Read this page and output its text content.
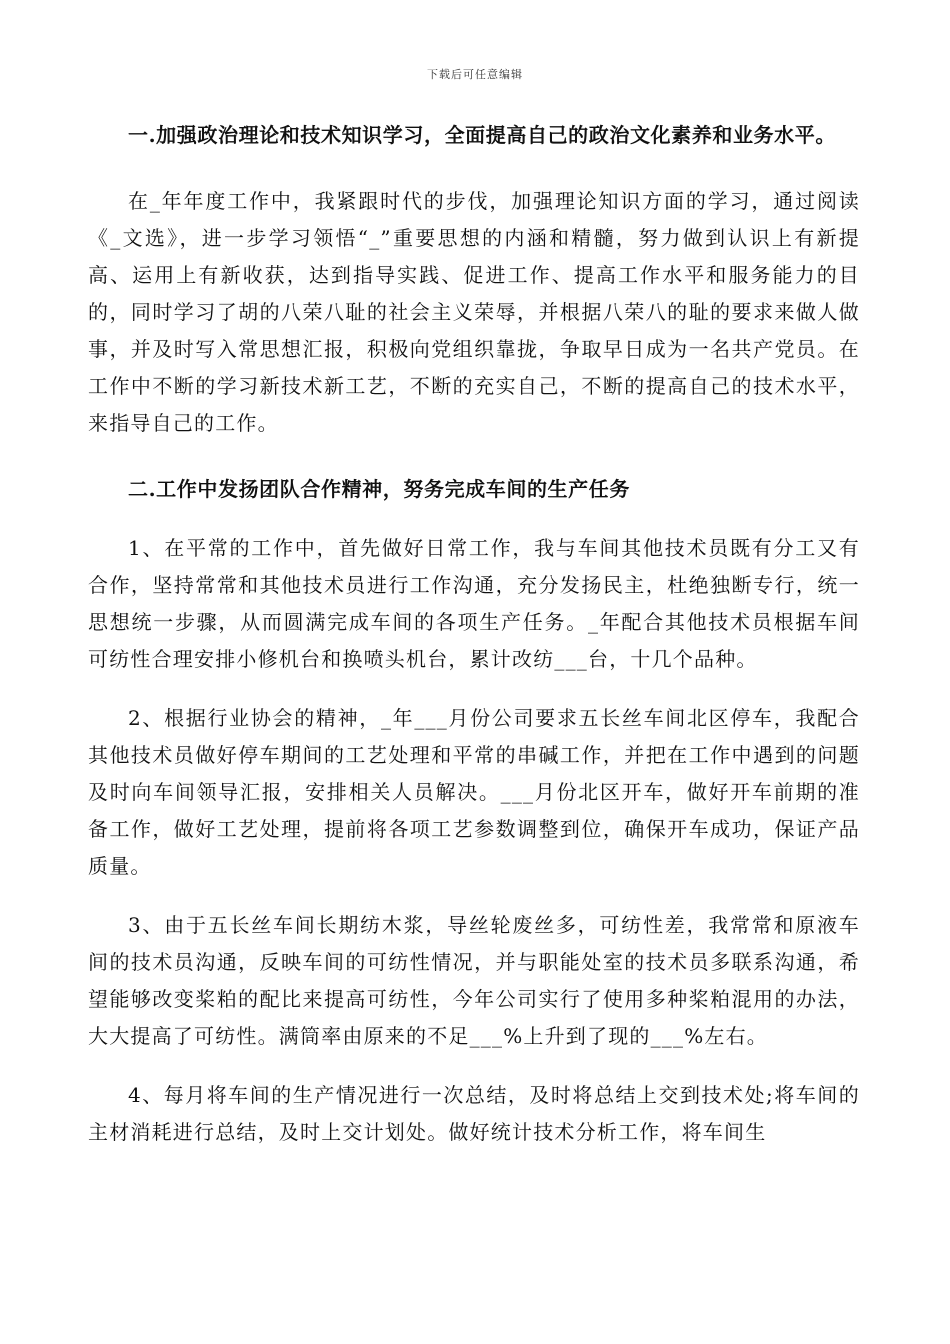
下载后可任意编辑

一.加强政治理论和技术知识学习，全面提高自己的政治文化素养和业务水平。

在_年年度工作中，我紧跟时代的步伐，加强理论知识方面的学习，通过阅读《_文选》，进一步学习领悟“_”重要思想的内涵和精髓，努力做到认识上有新提高、运用上有新收获，达到指导实践、促进工作、提高工作水平和服务能力的目的，同时学习了胡的八荣八耻的社会主义荣辱，并根据八荣八的耻的要求来做人做事，并及时写入常思想汇报，积极向党组织靠拢，争取早日成为一名共产党员。在工作中不断的学习新技术新工艺，不断的充实自己，不断的提高自己的技术水平，来指导自己的工作。

二.工作中发扬团队合作精神，努务完成车间的生产任务

1、在平常的工作中，首先做好日常工作，我与车间其他技术员既有分工又有合作，坚持常常和其他技术员进行工作沟通，充分发扬民主，杜绝独断专行，统一思想统一步骤，从而圆满完成车间的各项生产任务。_年配合其他技术员根据车间可纺性合理安排小修机台和换喷头机台，累计改纺___台，十几个品种。

2、根据行业协会的精神，_年___月份公司要求五长丝车间北区停车，我配合其他技术员做好停车期间的工艺处理和平常的串碱工作，并把在工作中遇到的问题及时向车间领导汇报，安排相关人员解决。___月份北区开车，做好开车前期的准备工作，做好工艺处理，提前将各项工艺参数调整到位，确保开车成功，保证产品质量。

3、由于五长丝车间长期纺木浆，导丝轮废丝多，可纺性差，我常常和原液车间的技术员沟通，反映车间的可纺性情况，并与职能处室的技术员多联系沟通，希望能够改变桨粕的配比来提高可纺性，今年公司实行了使用多种桨粕混用的办法，大大提高了可纺性。满筒率由原来的不足___%上升到了现的___%左右。

4、每月将车间的生产情况进行一次总结，及时将总结上交到技术处;将车间的主材消耗进行总结，及时上交计划处。做好统计技术分析工作，将车间生
